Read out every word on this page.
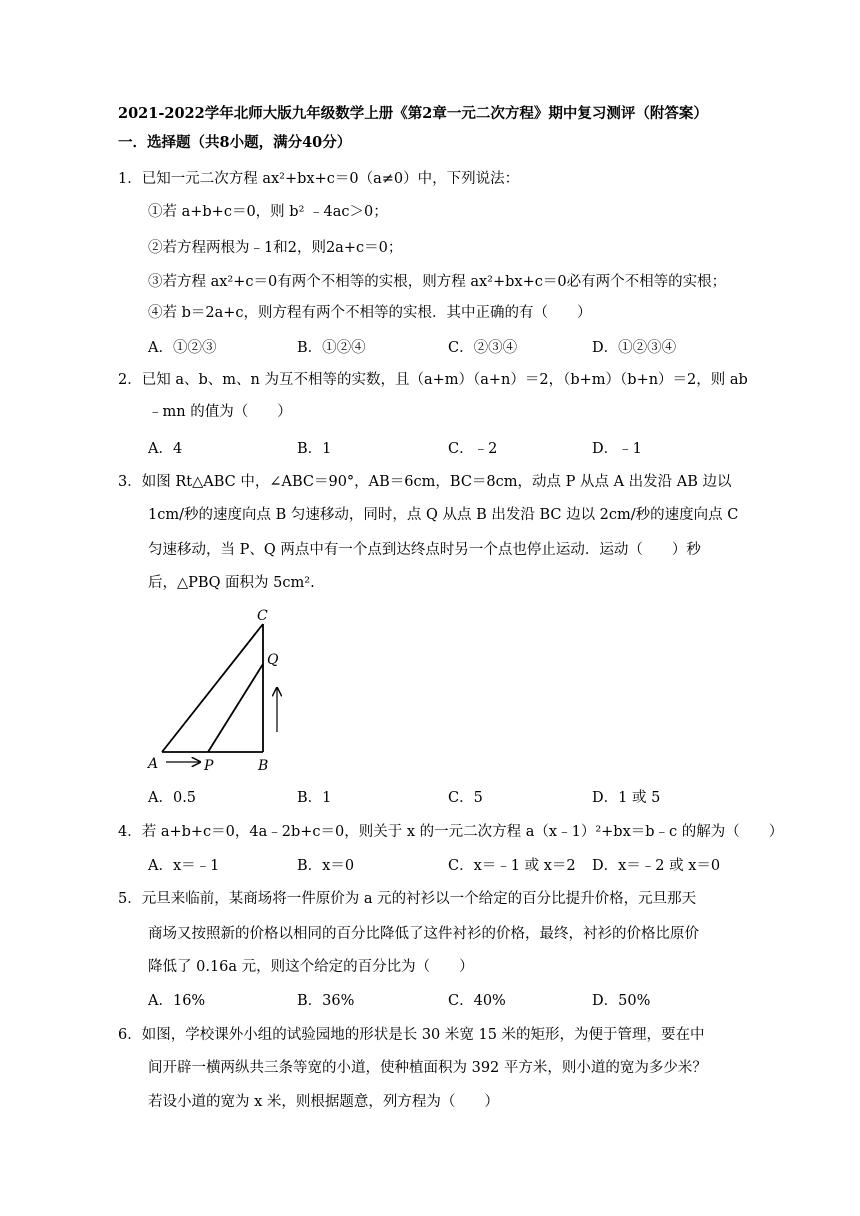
2021-2022学年北师大版九年级数学上册《第2章一元二次方程》期中复习测评（附答案）
一．选择题（共8小题，满分40分）
1．已知一元二次方程 ax²+bx+c＝0（a≠0）中，下列说法：
①若 a+b+c＝0，则 b² ﹣4ac＞0；
②若方程两根为﹣1和2，则2a+c＝0；
③若方程 ax²+c＝0有两个不相等的实根，则方程 ax²+bx+c＝0必有两个不相等的实根；
④若 b＝2a+c，则方程有两个不相等的实根．其中正确的有（　　）
A．①②③	B．①②④	C．②③④	D．①②③④
2．已知 a、b、m、n 为互不相等的实数，且（a+m）（a+n）＝2，（b+m）（b+n）＝2，则 ab
﹣mn 的值为（　　）
A．4	B．1	C．﹣2	D．﹣1
3．如图 Rt△ABC 中，∠ABC＝90°，AB＝6cm，BC＝8cm，动点 P 从点 A 出发沿 AB 边以
1cm/秒的速度向点 B 匀速移动，同时，点 Q 从点 B 出发沿 BC 边以 2cm/秒的速度向点 C
匀速移动，当 P、Q 两点中有一个点到达终点时另一个点也停止运动．运动（　　）秒
后，△PBQ 面积为 5cm².
A	P	B
C
Q
A．0.5	B．1	C．5	D．1 或 5
4．若 a+b+c＝0，4a﹣2b+c＝0，则关于 x 的一元二次方程 a（x﹣1）²+bx＝b﹣c 的解为（　　）
A．x＝﹣1	B．x＝0	C．x＝﹣1 或 x＝2 D．x＝﹣2 或 x＝0
5．元旦来临前，某商场将一件原价为 a 元的衬衫以一个给定的百分比提升价格，元旦那天
商场又按照新的价格以相同的百分比降低了这件衬衫的价格，最终，衬衫的价格比原价
降低了 0.16a 元，则这个给定的百分比为（　　）
A．16%	B．36%	C．40%	D．50%
6．如图，学校课外小组的试验园地的形状是长 30 米宽 15 米的矩形，为便于管理，要在中
间开辟一横两纵共三条等宽的小道，使种植面积为 392 平方米，则小道的宽为多少米？
若设小道的宽为 x 米，则根据题意，列方程为（　　）
